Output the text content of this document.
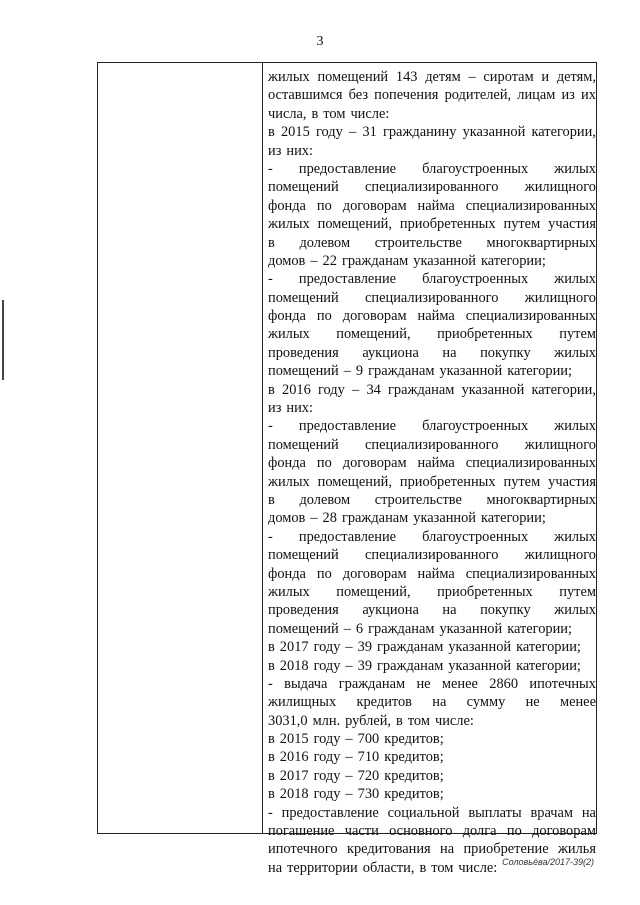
3
жилых помещений 143 детям – сиротам и детям,
оставшимся без попечения родителей, лицам из их
числа, в том числе:
в 2015 году – 31 гражданину указанной категории,
из них:
- предоставление благоустроенных жилых
помещений специализированного жилищного
фонда по договорам найма специализированных
жилых помещений, приобретенных путем участия
в долевом строительстве многоквартирных
домов – 22 гражданам указанной категории;
- предоставление благоустроенных жилых
помещений специализированного жилищного
фонда по договорам найма специализированных
жилых помещений, приобретенных путем
проведения аукциона на покупку жилых
помещений – 9 гражданам указанной категории;
в 2016 году – 34 гражданам указанной категории,
из них:
- предоставление благоустроенных жилых
помещений специализированного жилищного
фонда по договорам найма специализированных
жилых помещений, приобретенных путем участия
в долевом строительстве многоквартирных
домов – 28 гражданам указанной категории;
- предоставление благоустроенных жилых
помещений специализированного жилищного
фонда по договорам найма специализированных
жилых помещений, приобретенных путем
проведения аукциона на покупку жилых
помещений – 6 гражданам указанной категории;
в 2017 году – 39 гражданам указанной категории;
в 2018 году – 39 гражданам указанной категории;
- выдача гражданам не менее 2860 ипотечных
жилищных кредитов на сумму не менее
3031,0 млн. рублей, в том числе:
в 2015 году – 700 кредитов;
в 2016 году – 710 кредитов;
в 2017 году – 720 кредитов;
в 2018 году – 730 кредитов;
- предоставление социальной выплаты врачам на
погашение части основного долга по договорам
ипотечного кредитования на приобретение жилья
на территории области, в том числе: Соловьёва/2017-39(2)
